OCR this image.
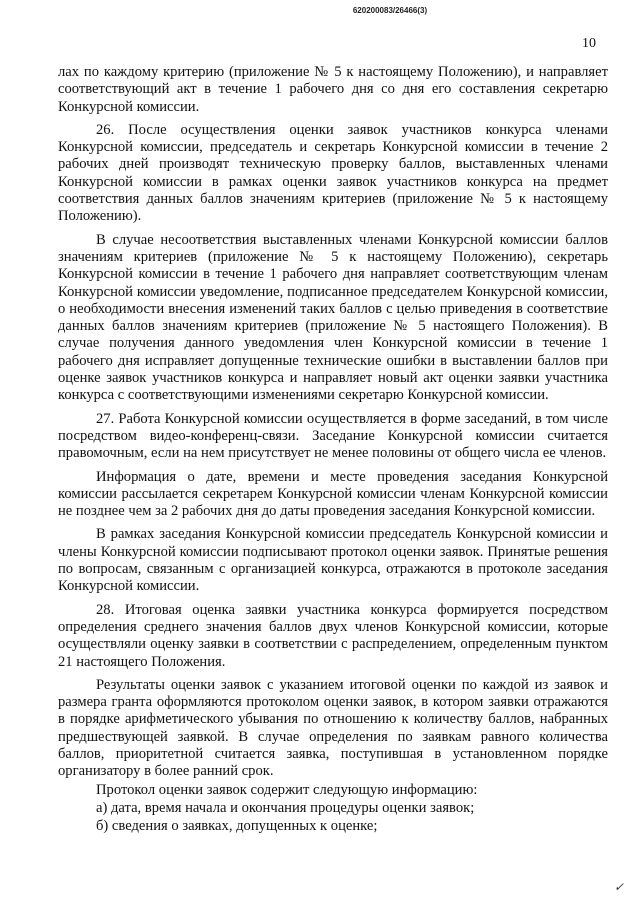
620200083/26466(3)
10

лах по каждому критерию (приложение № 5 к настоящему Положению), и направляет соответствующий акт в течение 1 рабочего дня со дня его составления секретарю Конкурсной комиссии.

26. После осуществления оценки заявок участников конкурса членами Конкурсной комиссии, председатель и секретарь Конкурсной комиссии в течение 2 рабочих дней производят техническую проверку баллов, выставленных членами Конкурсной комиссии в рамках оценки заявок участников конкурса на предмет соответствия данных баллов значениям критериев (приложение № 5 к настоящему Положению).

В случае несоответствия выставленных членами Конкурсной комиссии баллов значениям критериев (приложение № 5 к настоящему Положению), секретарь Конкурсной комиссии в течение 1 рабочего дня направляет соответствующим членам Конкурсной комиссии уведомление, подписанное председателем Конкурсной комиссии, о необходимости внесения изменений таких баллов с целью приведения в соответствие данных баллов значениям критериев (приложение № 5 настоящего Положения). В случае получения данного уведомления член Конкурсной комиссии в течение 1 рабочего дня исправляет допущенные технические ошибки в выставлении баллов при оценке заявок участников конкурса и направляет новый акт оценки заявки участника конкурса с соответствующими изменениями секретарю Конкурсной комиссии.

27. Работа Конкурсной комиссии осуществляется в форме заседаний, в том числе посредством видео-конференц-связи. Заседание Конкурсной комиссии считается правомочным, если на нем присутствует не менее половины от общего числа ее членов.

Информация о дате, времени и месте проведения заседания Конкурсной комиссии рассылается секретарем Конкурсной комиссии членам Конкурсной комиссии не позднее чем за 2 рабочих дня до даты проведения заседания Конкурсной комиссии.

В рамках заседания Конкурсной комиссии председатель Конкурсной комиссии и члены Конкурсной комиссии подписывают протокол оценки заявок. Принятые решения по вопросам, связанным с организацией конкурса, отражаются в протоколе заседания Конкурсной комиссии.

28. Итоговая оценка заявки участника конкурса формируется посредством определения среднего значения баллов двух членов Конкурсной комиссии, которые осуществляли оценку заявки в соответствии с распределением, определенным пунктом 21 настоящего Положения.

Результаты оценки заявок с указанием итоговой оценки по каждой из заявок и размера гранта оформляются протоколом оценки заявок, в котором заявки отражаются в порядке арифметического убывания по отношению к количеству баллов, набранных предшествующей заявкой. В случае определения по заявкам равного количества баллов, приоритетной считается заявка, поступившая в установленном порядке организатору в более ранний срок.

Протокол оценки заявок содержит следующую информацию:

а) дата, время начала и окончания процедуры оценки заявок;

б) сведения о заявках, допущенных к оценке;

✓
